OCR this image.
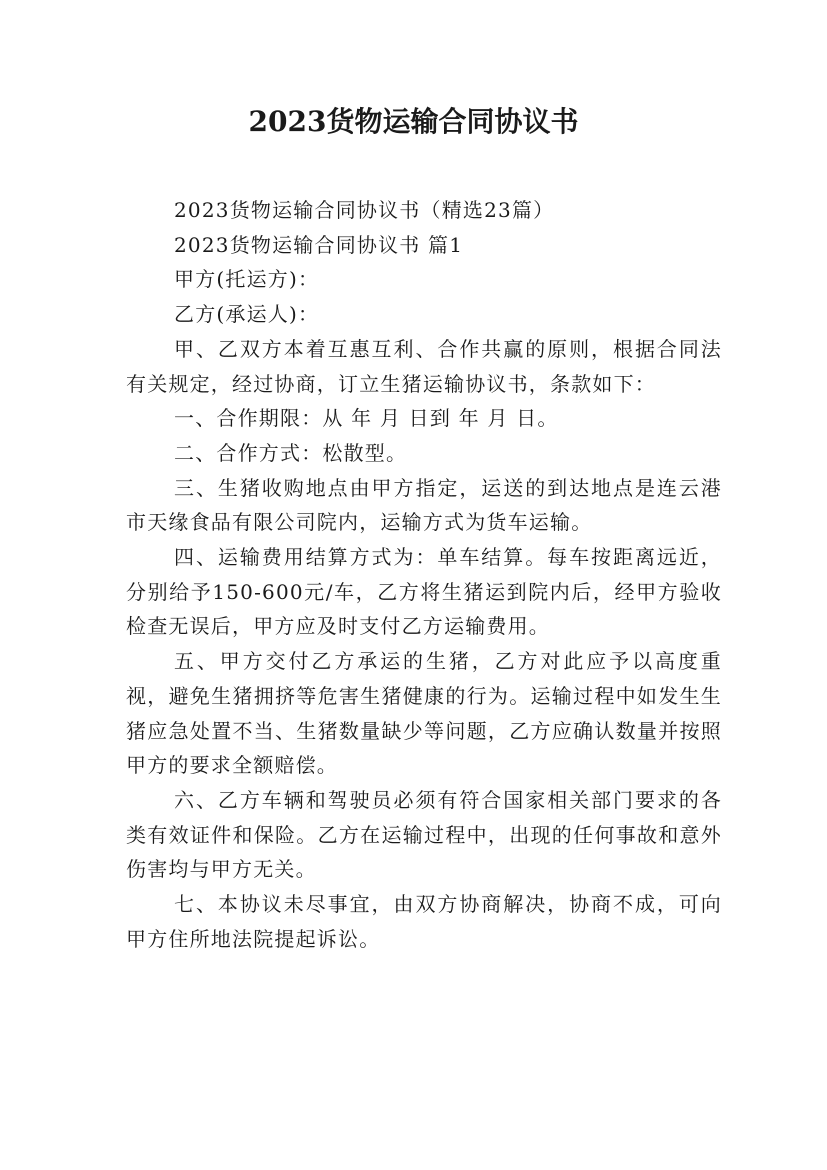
2023货物运输合同协议书

2023货物运输合同协议书（精选23篇）

2023货物运输合同协议书 篇1

甲方(托运方)：

乙方(承运人)：

甲、乙双方本着互惠互利、合作共赢的原则，根据合同法有关规定，经过协商，订立生猪运输协议书，条款如下：

一、合作期限：从 年 月 日到 年 月 日。

二、合作方式：松散型。

三、生猪收购地点由甲方指定，运送的到达地点是连云港市天缘食品有限公司院内，运输方式为货车运输。

四、运输费用结算方式为：单车结算。每车按距离远近，分别给予150-600元/车，乙方将生猪运到院内后，经甲方验收检查无误后，甲方应及时支付乙方运输费用。

五、甲方交付乙方承运的生猪，乙方对此应予以高度重视，避免生猪拥挤等危害生猪健康的行为。运输过程中如发生生猪应急处置不当、生猪数量缺少等问题，乙方应确认数量并按照甲方的要求全额赔偿。

六、乙方车辆和驾驶员必须有符合国家相关部门要求的各类有效证件和保险。乙方在运输过程中，出现的任何事故和意外伤害均与甲方无关。

七、本协议未尽事宜，由双方协商解决，协商不成，可向甲方住所地法院提起诉讼。
